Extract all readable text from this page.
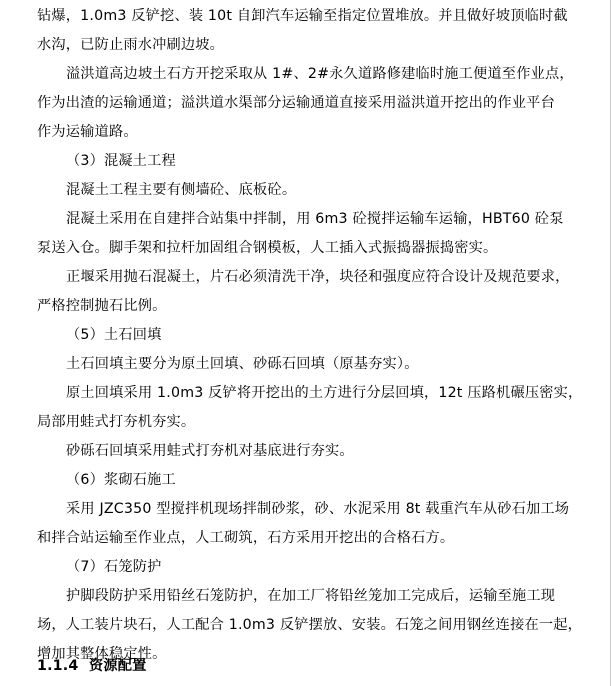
钻爆，1.0m3 反铲挖、装 10t 自卸汽车运输至指定位置堆放。并且做好坡顶临时截
水沟，已防止雨水冲刷边坡。
溢洪道高边坡土石方开挖采取从 1#、2#永久道路修建临时施工便道至作业点，
作为出渣的运输通道；溢洪道水渠部分运输通道直接采用溢洪道开挖出的作业平台
作为运输道路。
（3）混凝土工程
混凝土工程主要有侧墙砼、底板砼。
混凝土采用在自建拌合站集中拌制，用 6m3 砼搅拌运输车运输，HBT60 砼泵
泵送入仓。脚手架和拉杆加固组合钢模板，人工插入式振捣器振捣密实。
正堰采用抛石混凝土，片石必须清洗干净，块径和强度应符合设计及规范要求，
严格控制抛石比例。
（5）土石回填
土石回填主要分为原土回填、砂砾石回填（原基夯实）。
原土回填采用 1.0m3 反铲将开挖出的土方进行分层回填，12t 压路机碾压密实，
局部用蛙式打夯机夯实。
砂砾石回填采用蛙式打夯机对基底进行夯实。
（6）浆砌石施工
采用 JZC350 型搅拌机现场拌制砂浆，砂、水泥采用 8t 载重汽车从砂石加工场
和拌合站运输至作业点，人工砌筑，石方采用开挖出的合格石方。
（7）石笼防护
护脚段防护采用铅丝石笼防护，在加工厂将铅丝笼加工完成后，运输至施工现
场，人工装片块石，人工配合 1.0m3 反铲摆放、安装。石笼之间用钢丝连接在一起，
增加其整体稳定性。
1.1.4 资源配置
